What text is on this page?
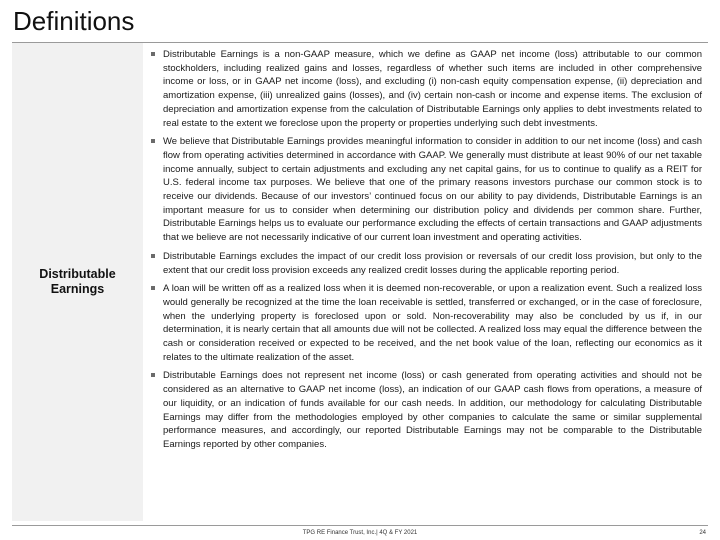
Definitions
Distributable Earnings
Distributable Earnings is a non-GAAP measure, which we define as GAAP net income (loss) attributable to our common stockholders, including realized gains and losses, regardless of whether such items are included in other comprehensive income or loss, or in GAAP net income (loss), and excluding (i) non-cash equity compensation expense, (ii) depreciation and amortization expense, (iii) unrealized gains (losses), and (iv) certain non-cash or income and expense items. The exclusion of depreciation and amortization expense from the calculation of Distributable Earnings only applies to debt investments related to real estate to the extent we foreclose upon the property or properties underlying such debt investments.
We believe that Distributable Earnings provides meaningful information to consider in addition to our net income (loss) and cash flow from operating activities determined in accordance with GAAP. We generally must distribute at least 90% of our net taxable income annually, subject to certain adjustments and excluding any net capital gains, for us to continue to qualify as a REIT for U.S. federal income tax purposes. We believe that one of the primary reasons investors purchase our common stock is to receive our dividends. Because of our investors’ continued focus on our ability to pay dividends, Distributable Earnings is an important measure for us to consider when determining our distribution policy and dividends per common share. Further, Distributable Earnings helps us to evaluate our performance excluding the effects of certain transactions and GAAP adjustments that we believe are not necessarily indicative of our current loan investment and operating activities.
Distributable Earnings excludes the impact of our credit loss provision or reversals of our credit loss provision, but only to the extent that our credit loss provision exceeds any realized credit losses during the applicable reporting period.
A loan will be written off as a realized loss when it is deemed non-recoverable, or upon a realization event. Such a realized loss would generally be recognized at the time the loan receivable is settled, transferred or exchanged, or in the case of foreclosure, when the underlying property is foreclosed upon or sold. Non-recoverability may also be concluded by us if, in our determination, it is nearly certain that all amounts due will not be collected. A realized loss may equal the difference between the cash or consideration received or expected to be received, and the net book value of the loan, reflecting our economics as it relates to the ultimate realization of the asset.
Distributable Earnings does not represent net income (loss) or cash generated from operating activities and should not be considered as an alternative to GAAP net income (loss), an indication of our GAAP cash flows from operations, a measure of our liquidity, or an indication of funds available for our cash needs. In addition, our methodology for calculating Distributable Earnings may differ from the methodologies employed by other companies to calculate the same or similar supplemental performance measures, and accordingly, our reported Distributable Earnings may not be comparable to the Distributable Earnings reported by other companies.
TPG RE Finance Trust, Inc.| 4Q & FY 2021	24
